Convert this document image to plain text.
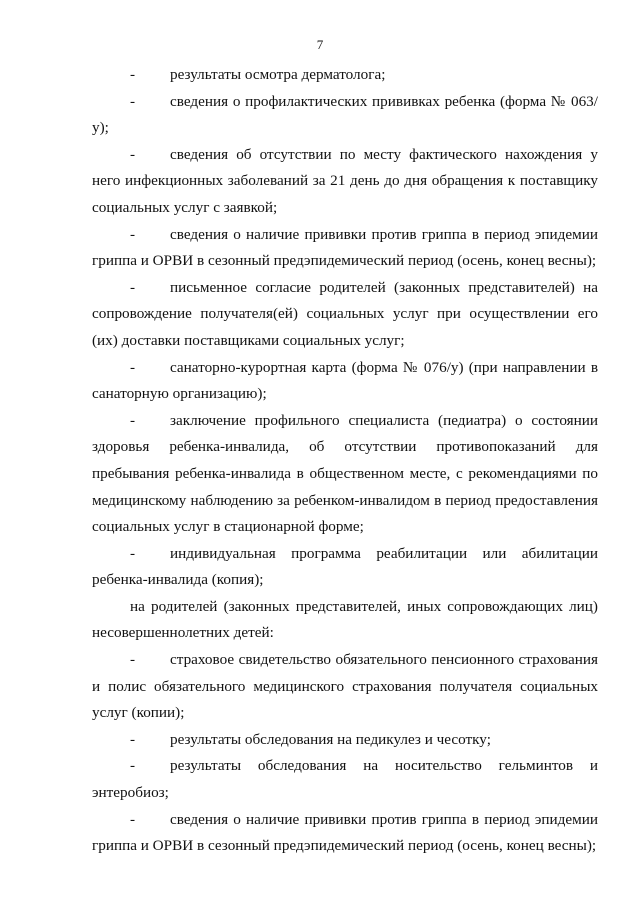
7

- результаты осмотра дерматолога;

- сведения о профилактических прививках ребенка (форма № 063/у);

- сведения об отсутствии по месту фактического нахождения у него инфекционных заболеваний за 21 день до дня обращения к поставщику социальных услуг с заявкой;

- сведения о наличие прививки против гриппа в период эпидемии гриппа и ОРВИ в сезонный предэпидемический период (осень, конец весны);

- письменное согласие родителей (законных представителей) на сопровождение получателя(ей) социальных услуг при осуществлении его (их) доставки поставщиками социальных услуг;

- санаторно-курортная карта (форма № 076/у) (при направлении в санаторную организацию);

- заключение профильного специалиста (педиатра) о состоянии здоровья ребенка-инвалида, об отсутствии противопоказаний для пребывания ребенка-инвалида в общественном месте, с рекомендациями по медицинскому наблюдению за ребенком-инвалидом в период предоставления социальных услуг в стационарной форме;

- индивидуальная программа реабилитации или абилитации ребенка-инвалида (копия);

на родителей (законных представителей, иных сопровождающих лиц) несовершеннолетних детей:

- страховое свидетельство обязательного пенсионного страхования и полис обязательного медицинского страхования получателя социальных услуг (копии);

- результаты обследования на педикулез и чесотку;

- результаты обследования на носительство гельминтов и энтеробиоз;

- сведения о наличие прививки против гриппа в период эпидемии гриппа и ОРВИ в сезонный предэпидемический период (осень, конец весны);
